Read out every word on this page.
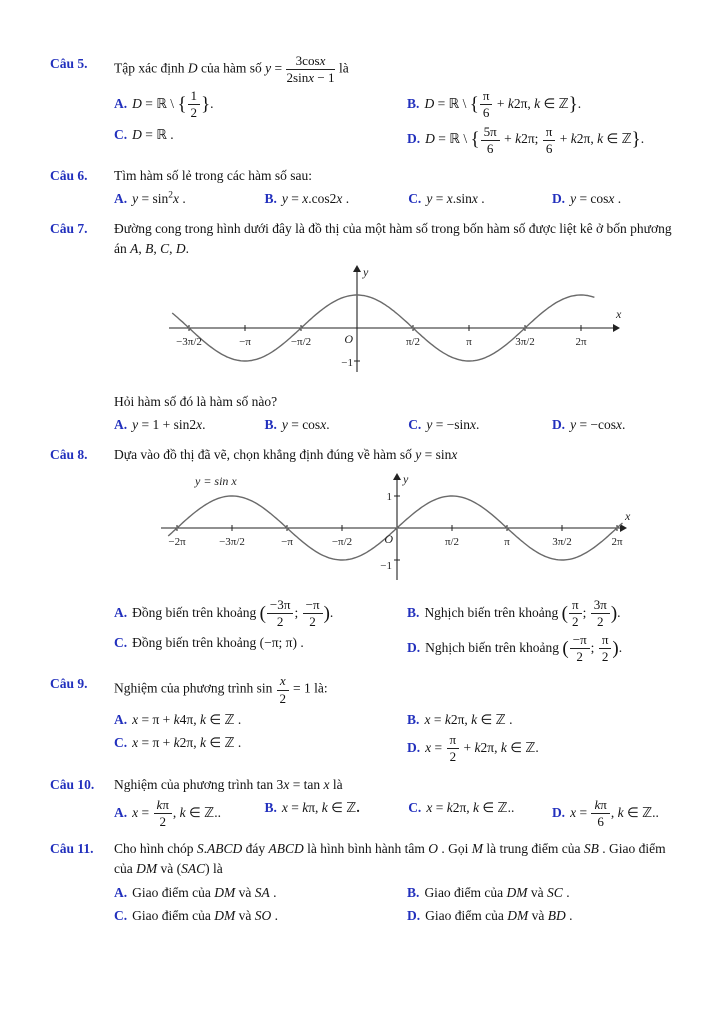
Câu 5.	Tập xác định D của hàm số $y = \frac{3\cos x}{2\sin x - 1}$ là
A. D = ℝ \ { $\frac{1}{2}$ }.	B. D = ℝ \ { $\frac{\pi}{6} + k2\pi$, k ∈ ℤ}.
C. D = ℝ .	D. D = ℝ \ { $\frac{5\pi}{6} + k2\pi$; $\frac{\pi}{6} + k2\pi$, k ∈ ℤ}.
Câu 6.	Tìm hàm số lẻ trong các hàm số sau:
A. $y = \sin^2x$ .	B. y = x.cos2x .	C. y = x.sinx .	D. y = cosx .
Câu 7.	Đường cong trong hình dưới đây là đồ thị của một hàm số trong bốn hàm số được liệt kê ở bốn phương án A, B, C, D.
−3π/2	−π	−π/2	π/2	π	3π/2	2π
O
−1
x
y
Hỏi hàm số đó là hàm số nào?
A. y = 1 + sin2x.	B. y = cosx.	C. y = −sinx.	D. y = −cosx.
Câu 8.	Dựa vào đồ thị đã vẽ, chọn khẳng định đúng về hàm số y = sinx
y = sin x
−2π	−3π/2	−π	−π/2	π/2	π	3π/2	2π
O
1
−1
x
y
A. Đồng biến trên khoảng ( $\frac{-3\pi}{2}$ ; $\frac{-\pi}{2}$ ).	B. Nghịch biến trên khoảng ( $\frac{\pi}{2}$ ; $\frac{3\pi}{2}$ ).
C. Đồng biến trên khoảng (−π; π) .	D. Nghịch biến trên khoảng ( $\frac{-\pi}{2}$ ; $\frac{\pi}{2}$ ).
Câu 9.	Nghiệm của phương trình $\sin \frac{x}{2} = 1$ là:
A. x = π + k4π, k ∈ ℤ .	B. x = k2π, k ∈ ℤ .
C. x = π + k2π, k ∈ ℤ .	D. $x = \frac{\pi}{2} + k2\pi$, k ∈ ℤ.
Câu 10.	Nghiệm của phương trình tan 3x = tan x là
A. $x = \frac{k\pi}{2}$ , k ∈ ℤ..	B. x = kπ, k ∈ ℤ.	C. x = k2π, k ∈ ℤ..	D. $x = \frac{k\pi}{6}$ , k ∈ ℤ..
Câu 11.	Cho hình chóp S.ABCD đáy ABCD là hình bình hành tâm O . Gọi M là trung điểm của SB . Giao điểm của DM và (SAC) là
A. Giao điểm của DM và SA .	B. Giao điểm của DM và SC .
C. Giao điểm của DM và SO .	D. Giao điểm của DM và BD .
